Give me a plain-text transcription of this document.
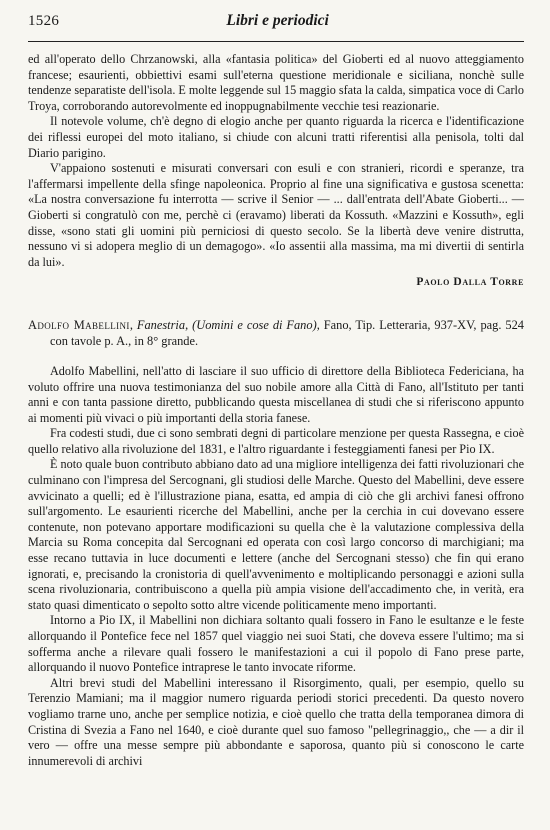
1526	Libri e periodici

ed all'operato dello Chrzanowski, alla «fantasia politica» del Gioberti ed al nuovo atteggiamento francese; esaurienti, obbiettivi esami sull'eterna questione meridionale e siciliana, nonchè sulle tendenze separatiste dell'isola. E molte leggende sul 15 maggio sfata la calda, simpatica voce di Carlo Troya, corroborando autorevolmente ed inoppugnabilmente vecchie tesi reazionarie.

Il notevole volume, ch'è degno di elogio anche per quanto riguarda la ricerca e l'identificazione dei riflessi europei del moto italiano, si chiude con alcuni tratti riferentisi alla penisola, tolti dal Diario parigino.

V'appaiono sostenuti e misurati conversari con esuli e con stranieri, ricordi e speranze, tra l'affermarsi impellente della sfinge napoleonica. Proprio al fine una significativa e gustosa scenetta: «La nostra conversazione fu interrotta — scrive il Senior — ... dall'entrata dell'Abate Gioberti... — Gioberti si congratulò con me, perchè ci (eravamo) liberati da Kossuth. «Mazzini e Kossuth», egli disse, «sono stati gli uomini più perniciosi di questo secolo. Se la libertà deve venire distrutta, nessuno vi si adopera meglio di un demagogo». «Io assentii alla massima, ma mi divertii di sentirla da lui».

Paolo Dalla Torre
Adolfo Mabellini, Fanestria, (Uomini e cose di Fano), Fano, Tip. Letteraria, 937-XV, pag. 524 con tavole p. A., in 8° grande.

Adolfo Mabellini, nell'atto di lasciare il suo ufficio di direttore della Biblioteca Federiciana, ha voluto offrire una nuova testimonianza del suo nobile amore alla Città di Fano, all'Istituto per tanti anni e con tanta passione diretto, pubblicando questa miscellanea di studi che si riferiscono appunto ai momenti più vivaci o più importanti della storia fanese.

Fra codesti studi, due ci sono sembrati degni di particolare menzione per questa Rassegna, e cioè quello relativo alla rivoluzione del 1831, e l'altro riguardante i festeggiamenti fanesi per Pio IX.

È noto quale buon contributo abbiano dato ad una migliore intelligenza dei fatti rivoluzionari che culminano con l'impresa del Sercognani, gli studiosi delle Marche. Questo del Mabellini, deve essere avvicinato a quelli; ed è l'illustrazione piana, esatta, ed ampia di ciò che gli archivi fanesi offrono sull'argomento. Le esaurienti ricerche del Mabellini, anche per la cerchia in cui dovevano essere contenute, non potevano apportare modificazioni su quella che è la valutazione complessiva della Marcia su Roma concepita dal Sercognani ed operata con così largo concorso di marchigiani; ma esse recano tuttavia in luce documenti e lettere (anche del Sercognani stesso) che fin qui erano ignorati, e, precisando la cronistoria di quell'avvenimento e moltiplicando personaggi e azioni sulla scena rivoluzionaria, contribuiscono a quella più ampia visione dell'accadimento che, in verità, era stato quasi dimenticato o sepolto sotto altre vicende politicamente meno importanti.

Intorno a Pio IX, il Mabellini non dichiara soltanto quali fossero in Fano le esultanze e le feste allorquando il Pontefice fece nel 1857 quel viaggio nei suoi Stati, che doveva essere l'ultimo; ma si sofferma anche a rilevare quali fossero le manifestazioni a cui il popolo di Fano prese parte, allorquando il nuovo Pontefice intraprese le tanto invocate riforme.

Altri brevi studi del Mabellini interessano il Risorgimento, quali, per esempio, quello su Terenzio Mamiani; ma il maggior numero riguarda periodi storici precedenti. Da questo novero vogliamo trarne uno, anche per semplice notizia, e cioè quello che tratta della temporanea dimora di Cristina di Svezia a Fano nel 1640, e cioè durante quel suo famoso "pellegrinaggio,, che — a dir il vero — offre una messe sempre più abbondante e saporosa, quanto più si conoscono le carte innumerevoli di archivi
